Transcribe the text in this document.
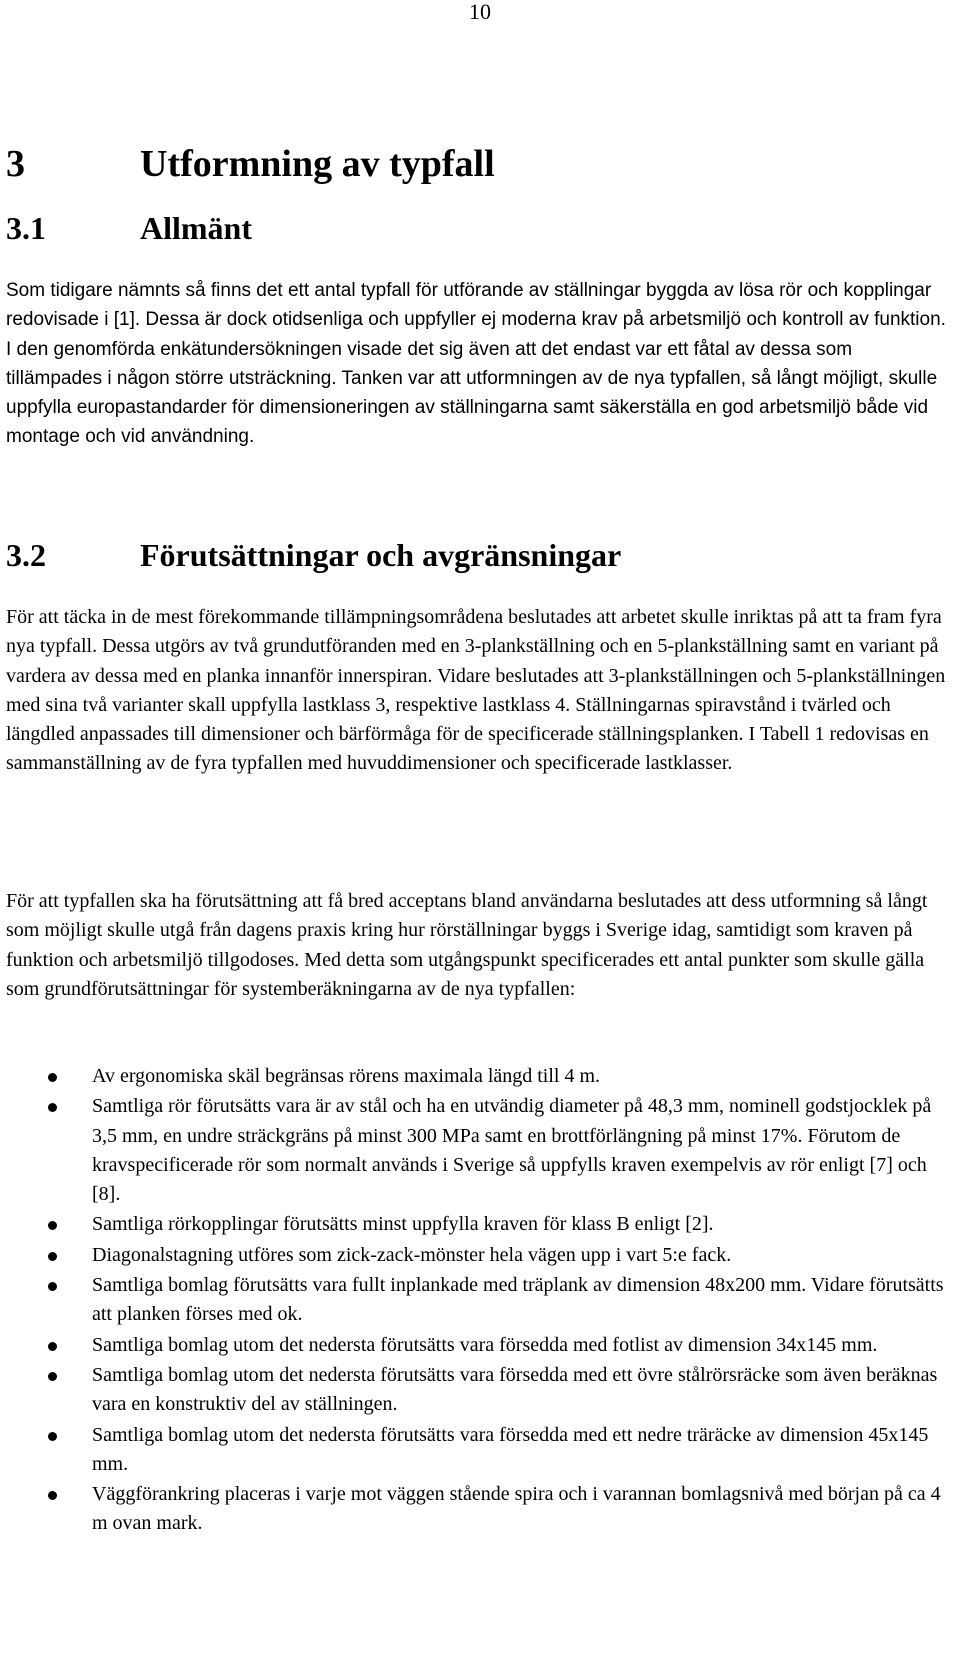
10
3	Utformning av typfall
3.1	Allmänt

Som tidigare nämnts så finns det ett antal typfall för utförande av ställningar byggda av lösa rör och kopplingar redovisade i [1]. Dessa är dock otidsenliga och uppfyller ej moderna krav på arbetsmiljö och kontroll av funktion. I den genomförda enkätundersökningen visade det sig även att det endast var ett fåtal av dessa som tillämpades i någon större utsträckning. Tanken var att utformningen av de nya typfallen, så långt möjligt, skulle uppfylla europastandarder för dimensioneringen av ställningarna samt säkerställa en god arbetsmiljö både vid montage och vid användning.

3.2	Förutsättningar och avgränsningar

För att täcka in de mest förekommande tillämpningsområdena beslutades att arbetet skulle inriktas på att ta fram fyra nya typfall. Dessa utgörs av två grundutföranden med en 3-plankställning och en 5-plankställning samt en variant på vardera av dessa med en planka innanför innerspiran. Vidare beslutades att 3-plankställningen och 5-plankställningen med sina två varianter skall uppfylla lastklass 3, respektive lastklass 4. Ställningarnas spiravstånd i tvärled och längdled anpassades till dimensioner och bärförmåga för de specificerade ställningsplanken. I Tabell 1 redovisas en sammanställning av de fyra typfallen med huvuddimensioner och specificerade lastklasser.

För att typfallen ska ha förutsättning att få bred acceptans bland användarna beslutades att dess utformning så långt som möjligt skulle utgå från dagens praxis kring hur rörställningar byggs i Sverige idag, samtidigt som kraven på funktion och arbetsmiljö tillgodoses. Med detta som utgångspunkt specificerades ett antal punkter som skulle gälla som grundförutsättningar för systemberäkningarna av de nya typfallen:

Av ergonomiska skäl begränsas rörens maximala längd till 4 m.
Samtliga rör förutsätts vara är av stål och ha en utvändig diameter på 48,3 mm, nominell godstjocklek på 3,5 mm, en undre sträckgräns på minst 300 MPa samt en brottförlängning på minst 17%. Förutom de kravspecificerade rör som normalt används i Sverige så uppfylls kraven exempelvis av rör enligt [7] och [8].
Samtliga rörkopplingar förutsätts minst uppfylla kraven för klass B enligt [2].
Diagonalstagning utföres som zick-zack-mönster hela vägen upp i vart 5:e fack.
Samtliga bomlag förutsätts vara fullt inplankade med träplank av dimension 48x200 mm. Vidare förutsätts att planken förses med ok.
Samtliga bomlag utom det nedersta förutsätts vara försedda med fotlist av dimension 34x145 mm.
Samtliga bomlag utom det nedersta förutsätts vara försedda med ett övre stålrörsräcke som även beräknas vara en konstruktiv del av ställningen.
Samtliga bomlag utom det nedersta förutsätts vara försedda med ett nedre träräcke av dimension 45x145 mm.
Väggförankring placeras i varje mot väggen stående spira och i varannan bomlagsnivå med början på ca 4 m ovan mark.
